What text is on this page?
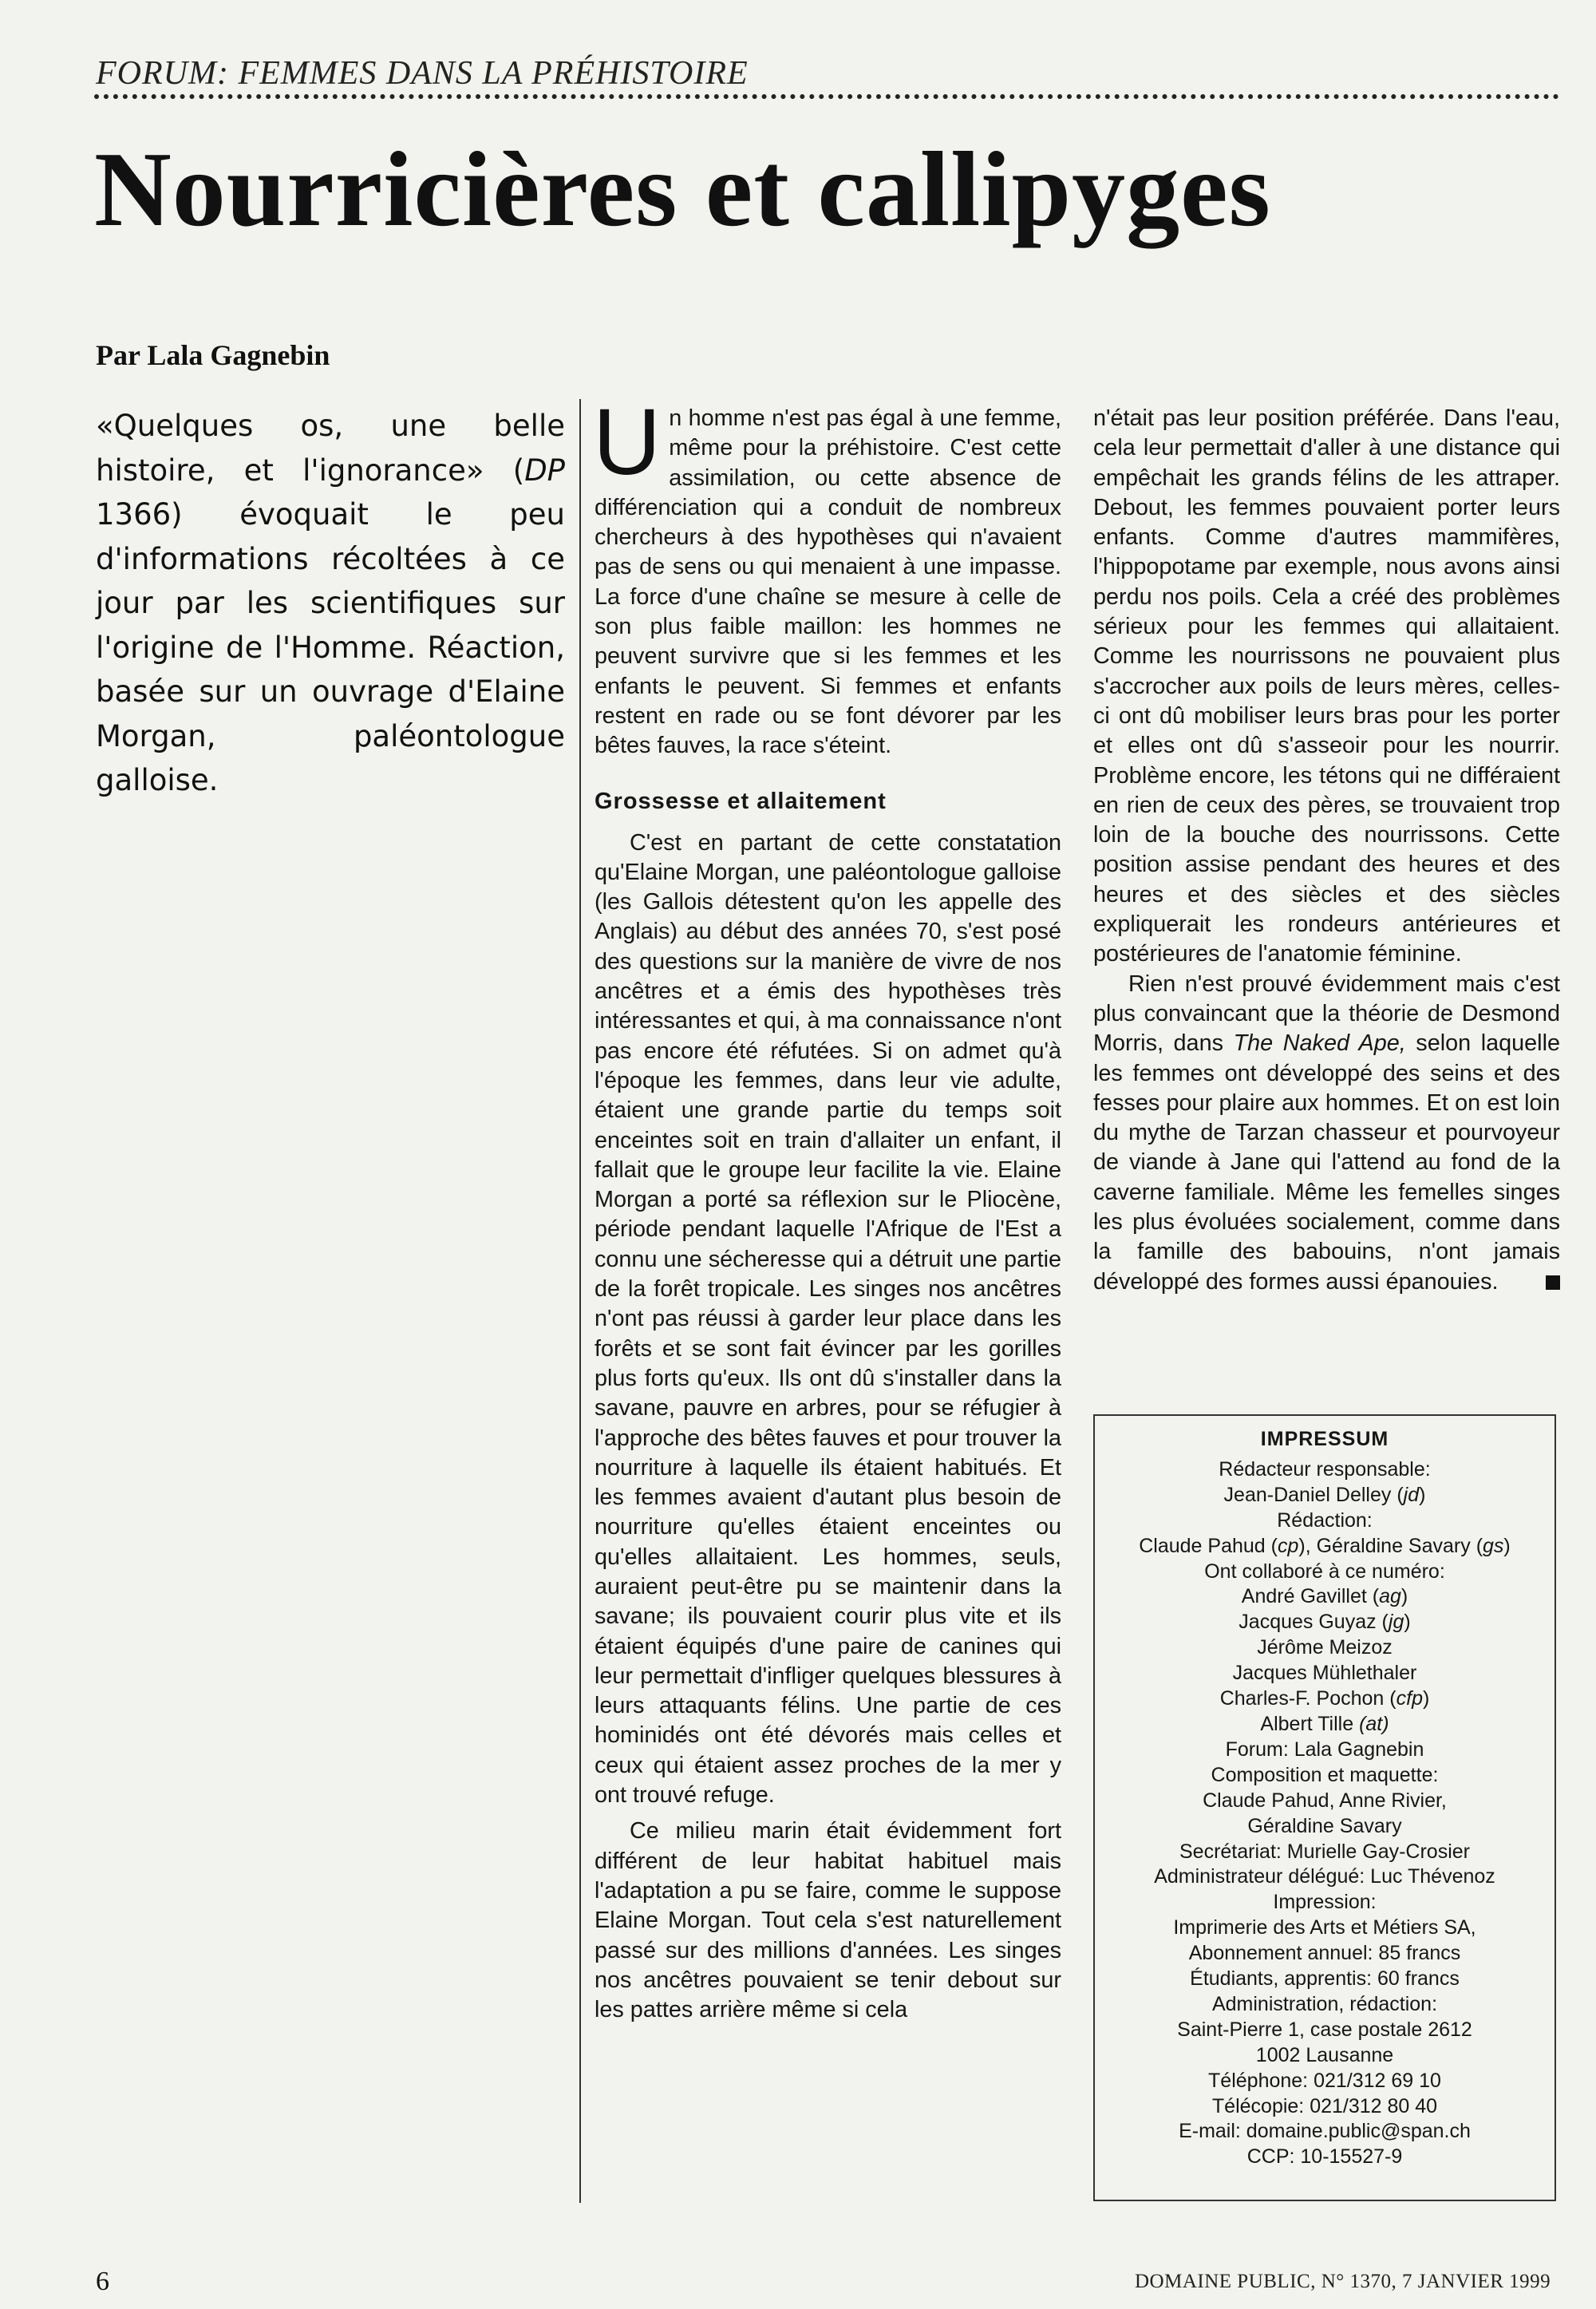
FORUM: FEMMES DANS LA PRÉHISTOIRE
Nourricières et callipyges
Par Lala Gagnebin
«Quelques os, une belle histoire, et l'ignorance» (DP 1366) évoquait le peu d'informations récoltées à ce jour par les scientifiques sur l'origine de l'Homme. Réaction, basée sur un ouvrage d'Elaine Morgan, paléontologue galloise.

Un homme n'est pas égal à une femme, même pour la préhistoire. C'est cette assimilation, ou cette absence de différenciation qui a conduit de nombreux chercheurs à des hypothèses qui n'avaient pas de sens ou qui menaient à une impasse. La force d'une chaîne se mesure à celle de son plus faible maillon: les hommes ne peuvent survivre que si les femmes et les enfants le peuvent. Si femmes et enfants restent en rade ou se font dévorer par les bêtes fauves, la race s'éteint.

Grossesse et allaitement

C'est en partant de cette constatation qu'Elaine Morgan, une paléontologue galloise (les Gallois détestent qu'on les appelle des Anglais) au début des années 70, s'est posé des questions sur la manière de vivre de nos ancêtres et a émis des hypothèses très intéressantes et qui, à ma connaissance n'ont pas encore été réfutées. Si on admet qu'à l'époque les femmes, dans leur vie adulte, étaient une grande partie du temps soit enceintes soit en train d'allaiter un enfant, il fallait que le groupe leur facilite la vie. Elaine Morgan a porté sa réflexion sur le Pliocène, période pendant laquelle l'Afrique de l'Est a connu une sécheresse qui a détruit une partie de la forêt tropicale. Les singes nos ancêtres n'ont pas réussi à garder leur place dans les forêts et se sont fait évincer par les gorilles plus forts qu'eux. Ils ont dû s'installer dans la savane, pauvre en arbres, pour se réfugier à l'approche des bêtes fauves et pour trouver la nourriture à laquelle ils étaient habitués. Et les femmes avaient d'autant plus besoin de nourriture qu'elles étaient enceintes ou qu'elles allaitaient. Les hommes, seuls, auraient peut-être pu se maintenir dans la savane; ils pouvaient courir plus vite et ils étaient équipés d'une paire de canines qui leur permettait d'infliger quelques blessures à leurs attaquants félins. Une partie de ces hominidés ont été dévorés mais celles et ceux qui étaient assez proches de la mer y ont trouvé refuge.

Ce milieu marin était évidemment fort différent de leur habitat habituel mais l'adaptation a pu se faire, comme le suppose Elaine Morgan. Tout cela s'est naturellement passé sur des millions d'années. Les singes nos ancêtres pouvaient se tenir debout sur les pattes arrière même si cela

n'était pas leur position préférée. Dans l'eau, cela leur permettait d'aller à une distance qui empêchait les grands félins de les attraper. Debout, les femmes pouvaient porter leurs enfants. Comme d'autres mammifères, l'hippopotame par exemple, nous avons ainsi perdu nos poils. Cela a créé des problèmes sérieux pour les femmes qui allaitaient. Comme les nourrissons ne pouvaient plus s'accrocher aux poils de leurs mères, celles-ci ont dû mobiliser leurs bras pour les porter et elles ont dû s'asseoir pour les nourrir. Problème encore, les tétons qui ne différaient en rien de ceux des pères, se trouvaient trop loin de la bouche des nourrissons. Cette position assise pendant des heures et des heures et des siècles et des siècles expliquerait les rondeurs antérieures et postérieures de l'anatomie féminine.

Rien n'est prouvé évidemment mais c'est plus convaincant que la théorie de Desmond Morris, dans The Naked Ape, selon laquelle les femmes ont développé des seins et des fesses pour plaire aux hommes. Et on est loin du mythe de Tarzan chasseur et pourvoyeur de viande à Jane qui l'attend au fond de la caverne familiale. Même les femelles singes les plus évoluées socialement, comme dans la famille des babouins, n'ont jamais développé des formes aussi épanouies.

IMPRESSUM
Rédacteur responsable:
Jean-Daniel Delley (jd)
Rédaction:
Claude Pahud (cp), Géraldine Savary (gs)
Ont collaboré à ce numéro:
André Gavillet (ag)
Jacques Guyaz (jg)
Jérôme Meizoz
Jacques Mühlethaler
Charles-F. Pochon (cfp)
Albert Tille (at)
Forum: Lala Gagnebin
Composition et maquette:
Claude Pahud, Anne Rivier,
Géraldine Savary
Secrétariat: Murielle Gay-Crosier
Administrateur délégué: Luc Thévenoz
Impression:
Imprimerie des Arts et Métiers SA,
Abonnement annuel: 85 francs
Étudiants, apprentis: 60 francs
Administration, rédaction:
Saint-Pierre 1, case postale 2612
1002 Lausanne
Téléphone: 021/312 69 10
Télécopie: 021/312 80 40
E-mail: domaine.public@span.ch
CCP: 10-15527-9
6	DOMAINE PUBLIC, N° 1370, 7 JANVIER 1999
